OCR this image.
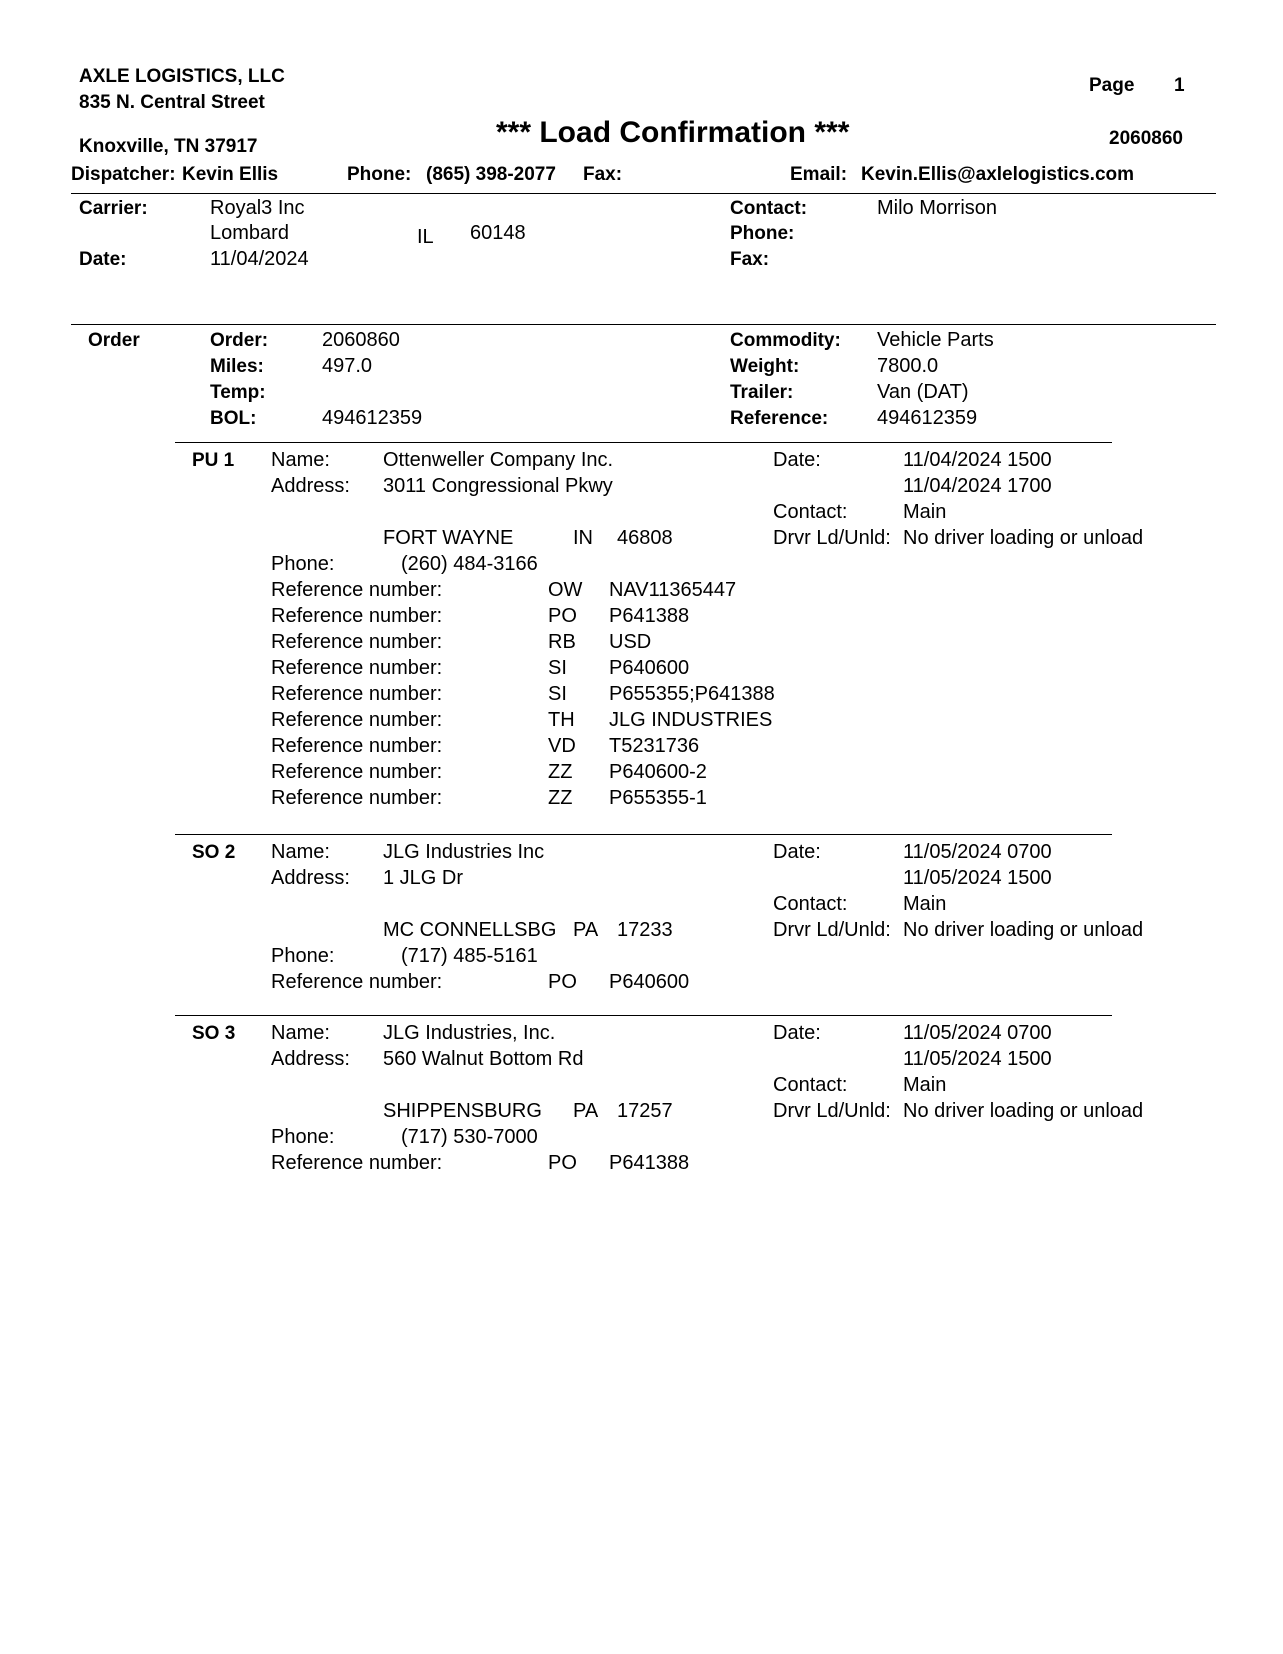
AXLE LOGISTICS, LLC
835 N. Central Street
Knoxville, TN 37917
Page 1
*** Load Confirmation ***	2060860
Dispatcher: Kevin Ellis	Phone: (865) 398-2077 Fax:	Email: Kevin.Ellis@axlelogistics.com
Carrier:	Royal3 Inc
Lombard	IL 60148
Date:	11/04/2024
Contact:	Milo Morrison
Phone:
Fax:
Order	Order:	2060860
Miles:	497.0
Temp:
BOL:	494612359
Commodity: Vehicle Parts
Weight:	7800.0
Trailer:	Van (DAT)
Reference: 494612359
PU 1 Name:	Ottenweller Company Inc.
Address: 3011 Congressional Pkwy
FORT WAYNE	IN 46808
Phone:	(260) 484-3166
Date:	11/04/2024 1500
11/04/2024 1700
Contact:	Main
Drvr Ld/Unld: No driver loading or unload
Reference number:	OW NAV11365447
Reference number:	PO P641388
Reference number:	RB USD
Reference number:	SI P640600
Reference number:	SI P655355;P641388
Reference number:	TH JLG INDUSTRIES
Reference number:	VD T5231736
Reference number:	ZZ P640600-2
Reference number:	ZZ P655355-1
SO 2 Name:	JLG Industries Inc
Address: 1 JLG Dr
MC CONNELLSBG PA 17233
Phone:	(717) 485-5161
Date:	11/05/2024 0700
11/05/2024 1500
Contact:	Main
Drvr Ld/Unld: No driver loading or unload
Reference number:	PO P640600
SO 3 Name:	JLG Industries, Inc.
Address: 560 Walnut Bottom Rd
SHIPPENSBURG PA 17257
Phone:	(717) 530-7000
Date:	11/05/2024 0700
11/05/2024 1500
Contact:	Main
Drvr Ld/Unld: No driver loading or unload
Reference number:	PO P641388
